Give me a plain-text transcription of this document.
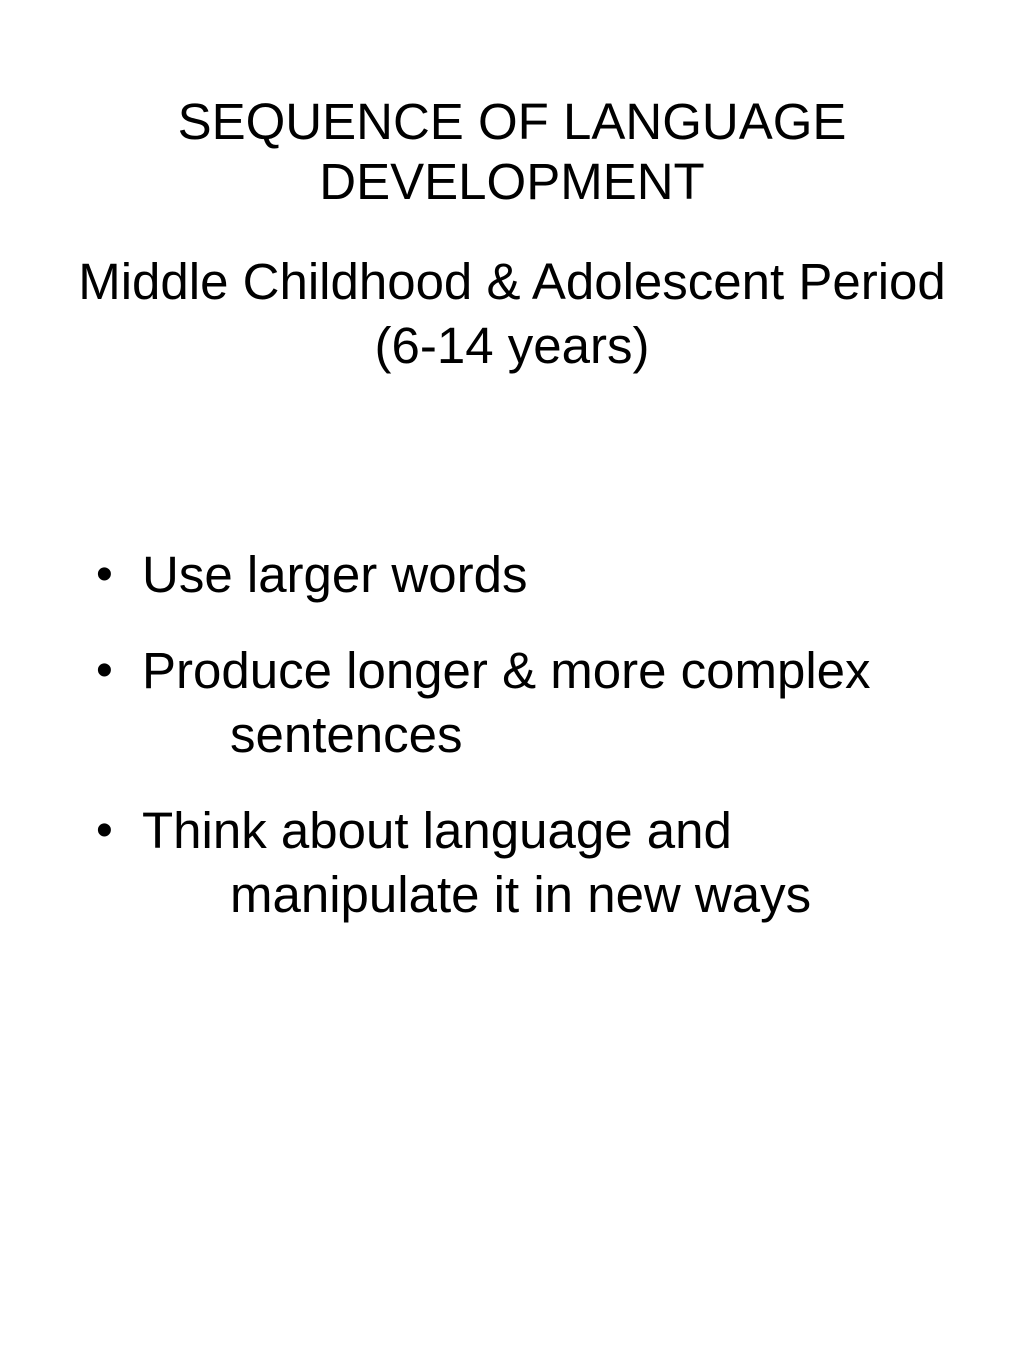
SEQUENCE OF LANGUAGE
DEVELOPMENT
Middle Childhood & Adolescent Period
(6-14 years)
• Use larger words
• Produce longer & more complex
sentences
• Think about language and
manipulate it in new ways
